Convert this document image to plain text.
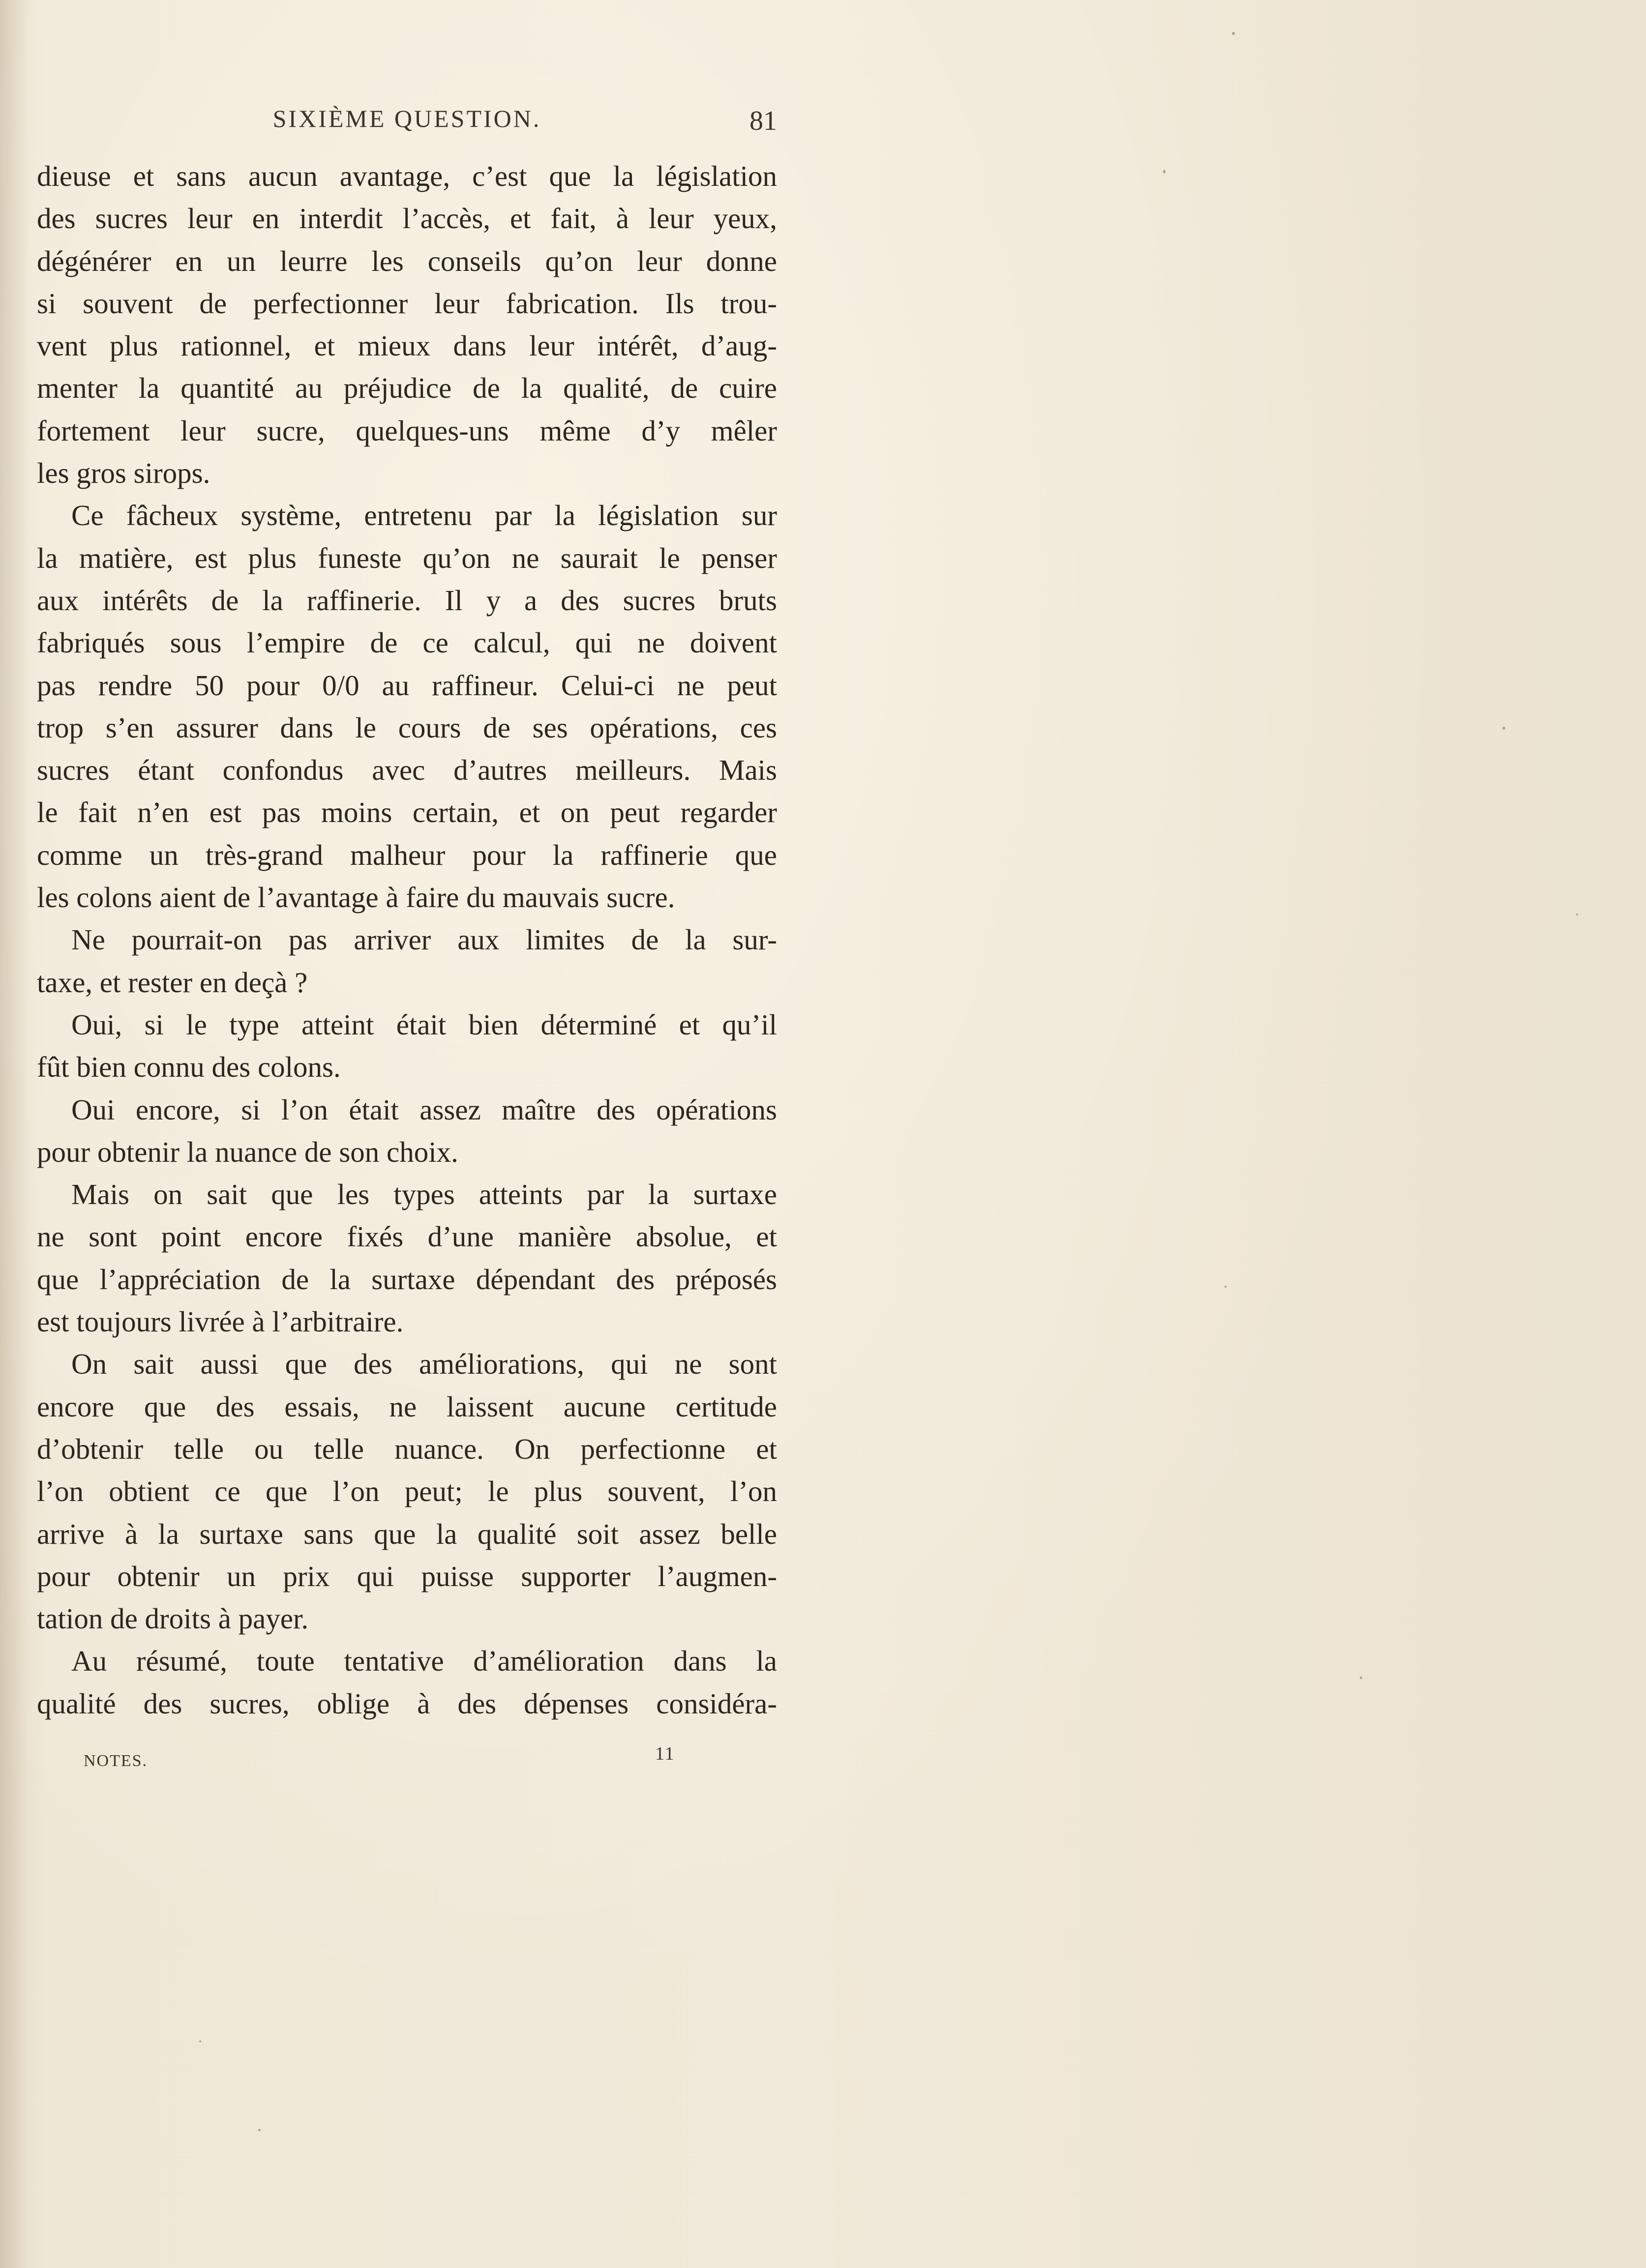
SIXIÈME QUESTION.	81
dieuse et sans aucun avantage, c’est que la législation
des sucres leur en interdit l’accès, et fait, à leur yeux,
dégénérer en un leurre les conseils qu’on leur donne
si souvent de perfectionner leur fabrication. Ils trou-
vent plus rationnel, et mieux dans leur intérêt, d’aug-
menter la quantité au préjudice de la qualité, de cuire
fortement leur sucre, quelques-uns même d’y mêler
les gros sirops.
Ce fâcheux système, entretenu par la législation sur
la matière, est plus funeste qu’on ne saurait le penser
aux intérêts de la raffinerie. Il y a des sucres bruts
fabriqués sous l’empire de ce calcul, qui ne doivent
pas rendre 50 pour 0/0 au raffineur. Celui-ci ne peut
trop s’en assurer dans le cours de ses opérations, ces
sucres étant confondus avec d’autres meilleurs. Mais
le fait n’en est pas moins certain, et on peut regarder
comme un très-grand malheur pour la raffinerie que
les colons aient de l’avantage à faire du mauvais sucre.
Ne pourrait-on pas arriver aux limites de la sur-
taxe, et rester en deçà ?
Oui, si le type atteint était bien déterminé et qu’il
fût bien connu des colons.
Oui encore, si l’on était assez maître des opérations
pour obtenir la nuance de son choix.
Mais on sait que les types atteints par la surtaxe
ne sont point encore fixés d’une manière absolue, et
que l’appréciation de la surtaxe dépendant des préposés
est toujours livrée à l’arbitraire.
On sait aussi que des améliorations, qui ne sont
encore que des essais, ne laissent aucune certitude
d’obtenir telle ou telle nuance. On perfectionne et
l’on obtient ce que l’on peut; le plus souvent, l’on
arrive à la surtaxe sans que la qualité soit assez belle
pour obtenir un prix qui puisse supporter l’augmen-
tation de droits à payer.
Au résumé, toute tentative d’amélioration dans la
qualité des sucres, oblige à des dépenses considéra-
NOTES.	11
